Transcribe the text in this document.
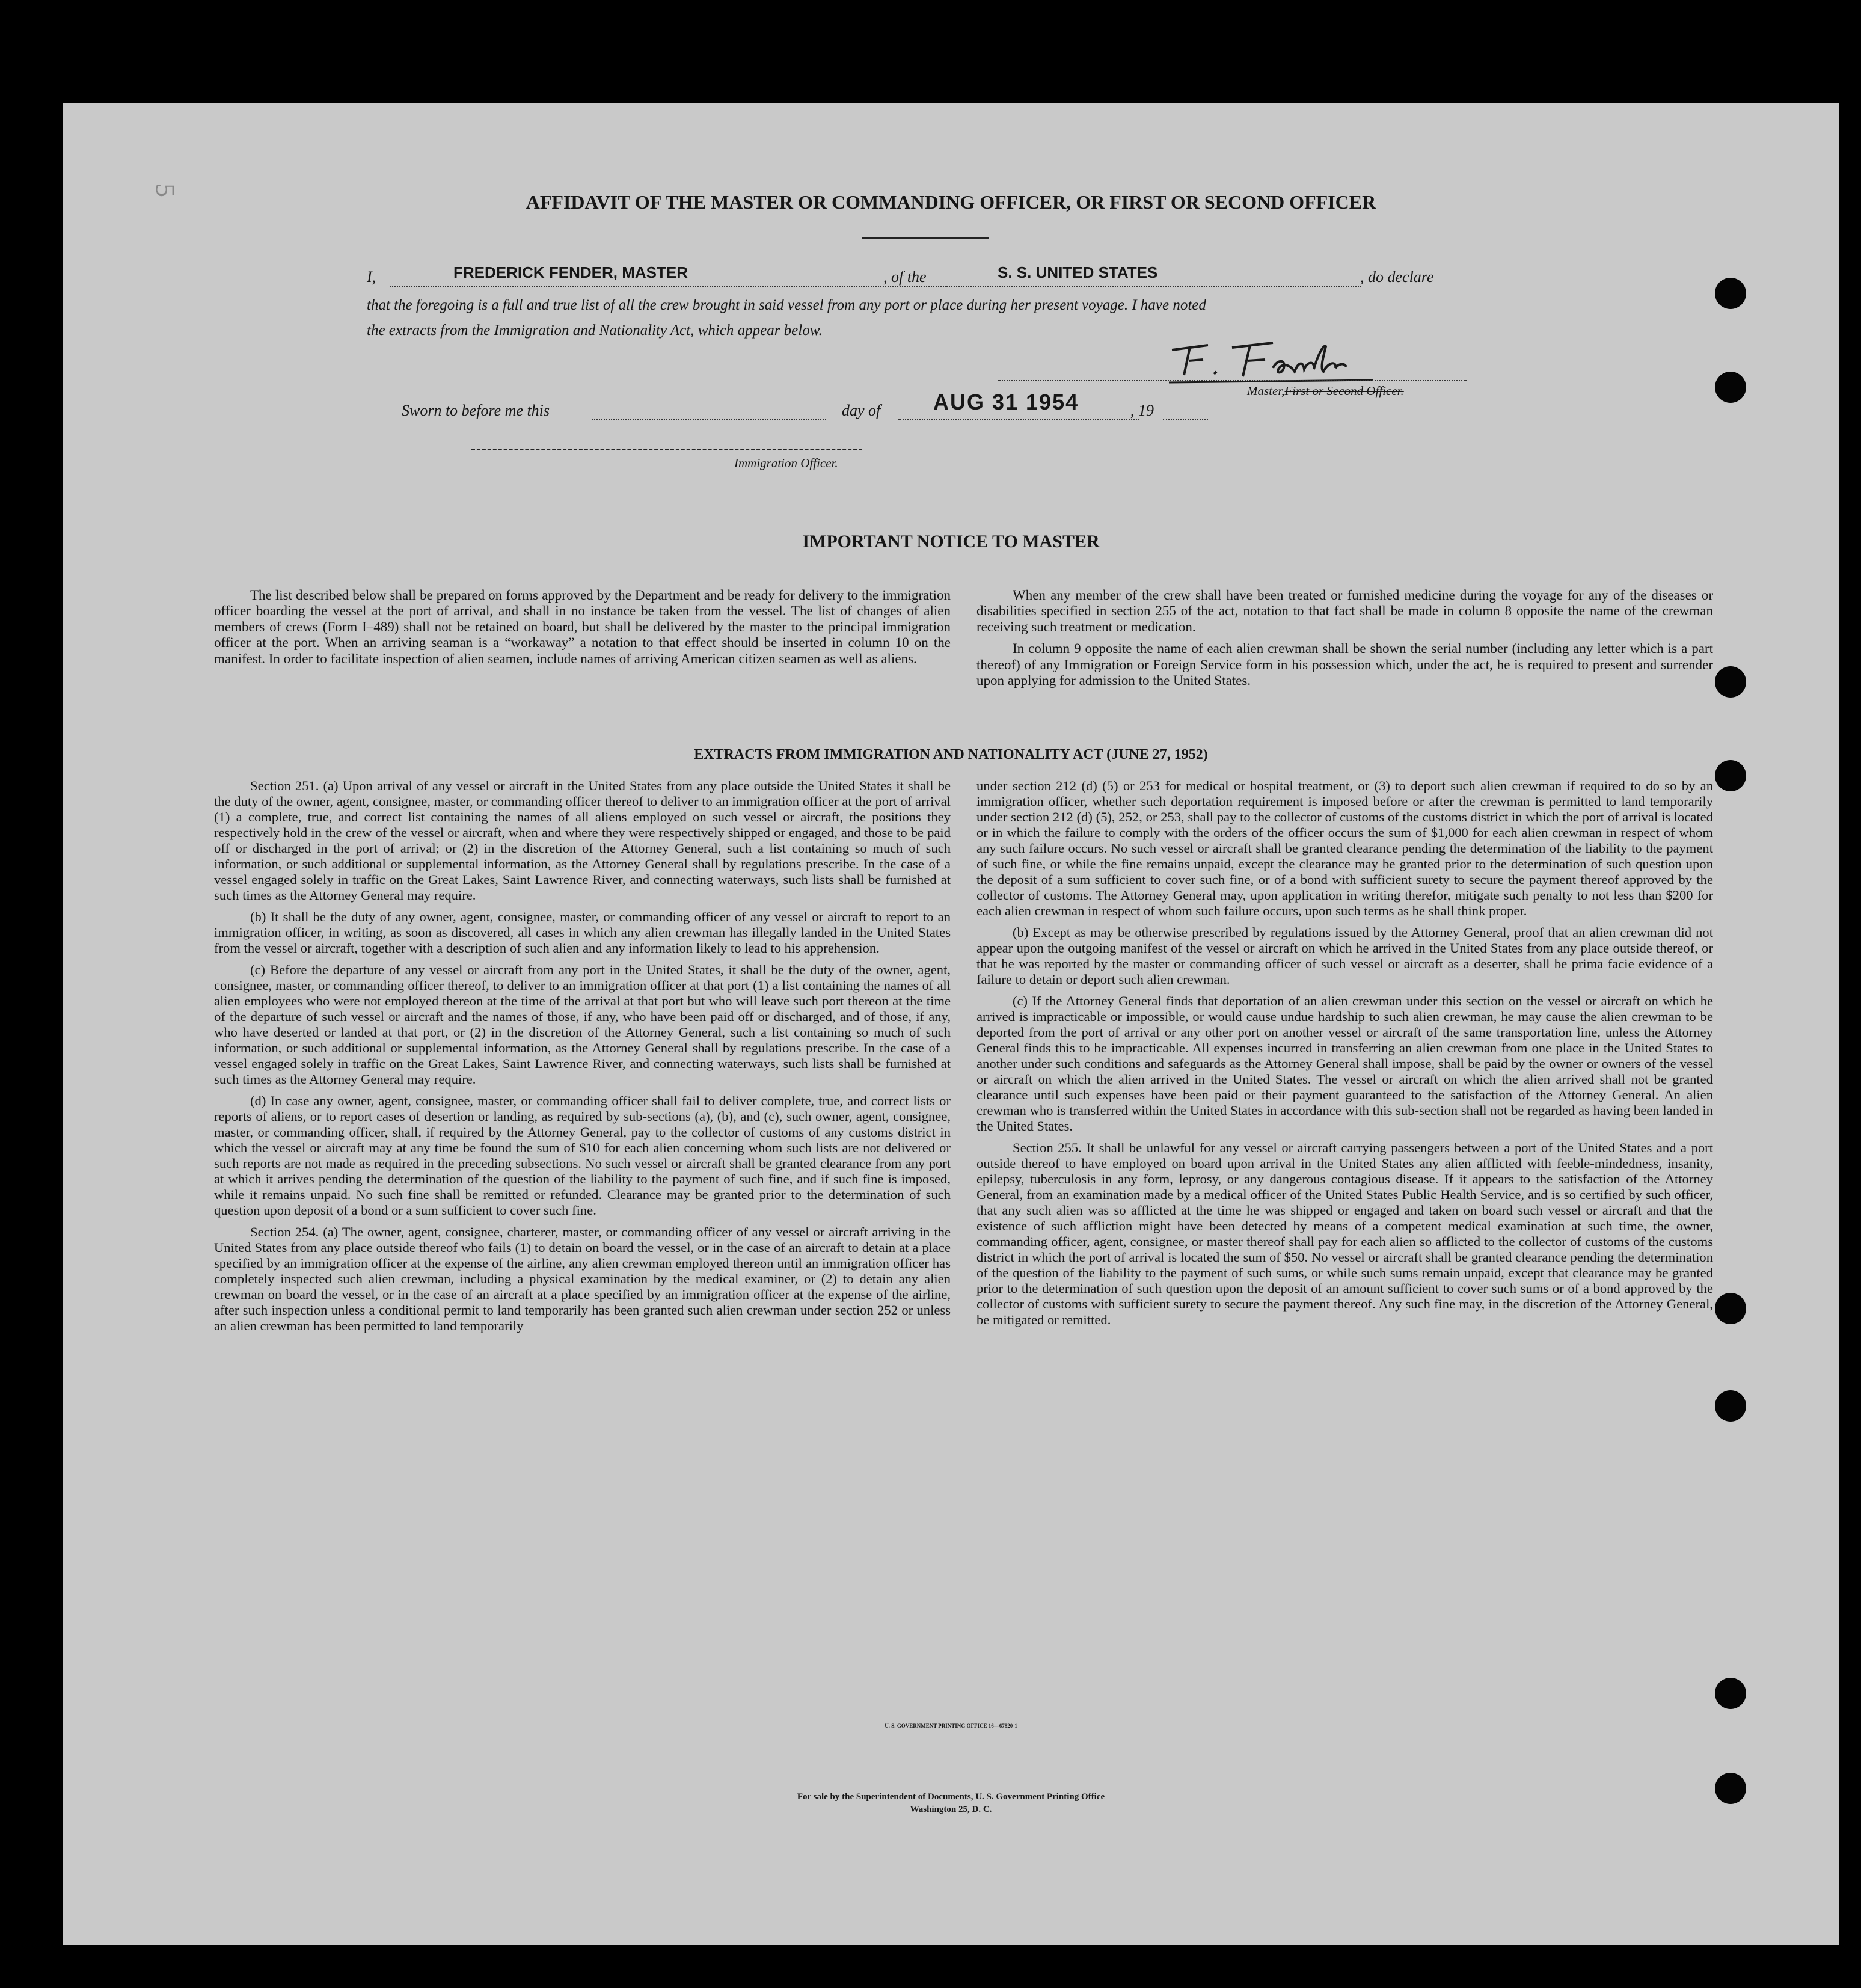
5
AFFIDAVIT OF THE MASTER OR COMMANDING OFFICER, OR FIRST OR SECOND OFFICER
I,	FREDERICK FENDER, MASTER	, of the	S. S. UNITED STATES	, do declare
that the foregoing is a full and true list of all the crew brought in said vessel from any port or place during her present voyage. I have noted
the extracts from the Immigration and Nationality Act, which appear below.
Master,First or Second Officer.
Sworn to before me this	day of AUG 31 1954	, 19
Immigration Officer.
IMPORTANT NOTICE TO MASTER

The list described below shall be prepared on forms approved by the Department and be ready for delivery to the immigration officer boarding the vessel at the port of arrival, and shall in no instance be taken from the vessel. The list of changes of alien members of crews (Form I–489) shall not be retained on board, but shall be delivered by the master to the principal immigration officer at the port. When an arriving seaman is a “workaway” a notation to that effect should be inserted in column 10 on the manifest. In order to facilitate inspection of alien seamen, include names of arriving American citizen seamen as well as aliens.

When any member of the crew shall have been treated or furnished medicine during the voyage for any of the diseases or disabilities specified in section 255 of the act, notation to that fact shall be made in column 8 opposite the name of the crewman receiving such treatment or medication.

In column 9 opposite the name of each alien crewman shall be shown the serial number (including any letter which is a part thereof) of any Immigration or Foreign Service form in his possession which, under the act, he is required to present and surrender upon applying for admission to the United States.

EXTRACTS FROM IMMIGRATION AND NATIONALITY ACT (JUNE 27, 1952)

Section 251. (a) Upon arrival of any vessel or aircraft in the United States from any place outside the United States it shall be the duty of the owner, agent, consignee, master, or commanding officer thereof to deliver to an immigration officer at the port of arrival (1) a complete, true, and correct list containing the names of all aliens employed on such vessel or aircraft, the positions they respectively hold in the crew of the vessel or aircraft, when and where they were respectively shipped or engaged, and those to be paid off or discharged in the port of arrival; or (2) in the discretion of the Attorney General, such a list containing so much of such information, or such additional or supplemental information, as the Attorney General shall by regulations prescribe. In the case of a vessel engaged solely in traffic on the Great Lakes, Saint Lawrence River, and connecting waterways, such lists shall be furnished at such times as the Attorney General may require.

(b) It shall be the duty of any owner, agent, consignee, master, or commanding officer of any vessel or aircraft to report to an immigration officer, in writing, as soon as discovered, all cases in which any alien crewman has illegally landed in the United States from the vessel or aircraft, together with a description of such alien and any information likely to lead to his apprehension.

(c) Before the departure of any vessel or aircraft from any port in the United States, it shall be the duty of the owner, agent, consignee, master, or commanding officer thereof, to deliver to an immigration officer at that port (1) a list containing the names of all alien employees who were not employed thereon at the time of the arrival at that port but who will leave such port thereon at the time of the departure of such vessel or aircraft and the names of those, if any, who have been paid off or discharged, and of those, if any, who have deserted or landed at that port, or (2) in the discretion of the Attorney General, such a list containing so much of such information, or such additional or supplemental information, as the Attorney General shall by regulations prescribe. In the case of a vessel engaged solely in traffic on the Great Lakes, Saint Lawrence River, and connecting waterways, such lists shall be furnished at such times as the Attorney General may require.

(d) In case any owner, agent, consignee, master, or commanding officer shall fail to deliver complete, true, and correct lists or reports of aliens, or to report cases of desertion or landing, as required by sub-sections (a), (b), and (c), such owner, agent, consignee, master, or commanding officer, shall, if required by the Attorney General, pay to the collector of customs of any customs district in which the vessel or aircraft may at any time be found the sum of $10 for each alien concerning whom such lists are not delivered or such reports are not made as required in the preceding subsections. No such vessel or aircraft shall be granted clearance from any port at which it arrives pending the determination of the question of the liability to the payment of such fine, and if such fine is imposed, while it remains unpaid. No such fine shall be remitted or refunded. Clearance may be granted prior to the determination of such question upon deposit of a bond or a sum sufficient to cover such fine.

Section 254. (a) The owner, agent, consignee, charterer, master, or commanding officer of any vessel or aircraft arriving in the United States from any place outside thereof who fails (1) to detain on board the vessel, or in the case of an aircraft to detain at a place specified by an immigration officer at the expense of the airline, any alien crewman employed thereon until an immigration officer has completely inspected such alien crewman, including a physical examination by the medical examiner, or (2) to detain any alien crewman on board the vessel, or in the case of an aircraft at a place specified by an immigration officer at the expense of the airline, after such inspection unless a conditional permit to land temporarily has been granted such alien crewman under section 252 or unless an alien crewman has been permitted to land temporarily

under section 212 (d) (5) or 253 for medical or hospital treatment, or (3) to deport such alien crewman if required to do so by an immigration officer, whether such deportation requirement is imposed before or after the crewman is permitted to land temporarily under section 212 (d) (5), 252, or 253, shall pay to the collector of customs of the customs district in which the port of arrival is located or in which the failure to comply with the orders of the officer occurs the sum of $1,000 for each alien crewman in respect of whom any such failure occurs. No such vessel or aircraft shall be granted clearance pending the determination of the liability to the payment of such fine, or while the fine remains unpaid, except the clearance may be granted prior to the determination of such question upon the deposit of a sum sufficient to cover such fine, or of a bond with sufficient surety to secure the payment thereof approved by the collector of customs. The Attorney General may, upon application in writing therefor, mitigate such penalty to not less than $200 for each alien crewman in respect of whom such failure occurs, upon such terms as he shall think proper.

(b) Except as may be otherwise prescribed by regulations issued by the Attorney General, proof that an alien crewman did not appear upon the outgoing manifest of the vessel or aircraft on which he arrived in the United States from any place outside thereof, or that he was reported by the master or commanding officer of such vessel or aircraft as a deserter, shall be prima facie evidence of a failure to detain or deport such alien crewman.

(c) If the Attorney General finds that deportation of an alien crewman under this section on the vessel or aircraft on which he arrived is impracticable or impossible, or would cause undue hardship to such alien crewman, he may cause the alien crewman to be deported from the port of arrival or any other port on another vessel or aircraft of the same transportation line, unless the Attorney General finds this to be impracticable. All expenses incurred in transferring an alien crewman from one place in the United States to another under such conditions and safeguards as the Attorney General shall impose, shall be paid by the owner or owners of the vessel or aircraft on which the alien arrived in the United States. The vessel or aircraft on which the alien arrived shall not be granted clearance until such expenses have been paid or their payment guaranteed to the satisfaction of the Attorney General. An alien crewman who is transferred within the United States in accordance with this sub-section shall not be regarded as having been landed in the United States.

Section 255. It shall be unlawful for any vessel or aircraft carrying passengers between a port of the United States and a port outside thereof to have employed on board upon arrival in the United States any alien afflicted with feeble-mindedness, insanity, epilepsy, tuberculosis in any form, leprosy, or any dangerous contagious disease. If it appears to the satisfaction of the Attorney General, from an examination made by a medical officer of the United States Public Health Service, and is so certified by such officer, that any such alien was so afflicted at the time he was shipped or engaged and taken on board such vessel or aircraft and that the existence of such affliction might have been detected by means of a competent medical examination at such time, the owner, commanding officer, agent, consignee, or master thereof shall pay for each alien so afflicted to the collector of customs of the customs district in which the port of arrival is located the sum of $50. No vessel or aircraft shall be granted clearance pending the determination of the question of the liability to the payment of such sums, or while such sums remain unpaid, except that clearance may be granted prior to the determination of such question upon the deposit of an amount sufficient to cover such sums or of a bond approved by the collector of customs with sufficient surety to secure the payment thereof. Any such fine may, in the discretion of the Attorney General, be mitigated or remitted.

U. S. GOVERNMENT PRINTING OFFICE 16—67820-1
For sale by the Superintendent of Documents, U. S. Government Printing Office
Washington 25, D. C.
